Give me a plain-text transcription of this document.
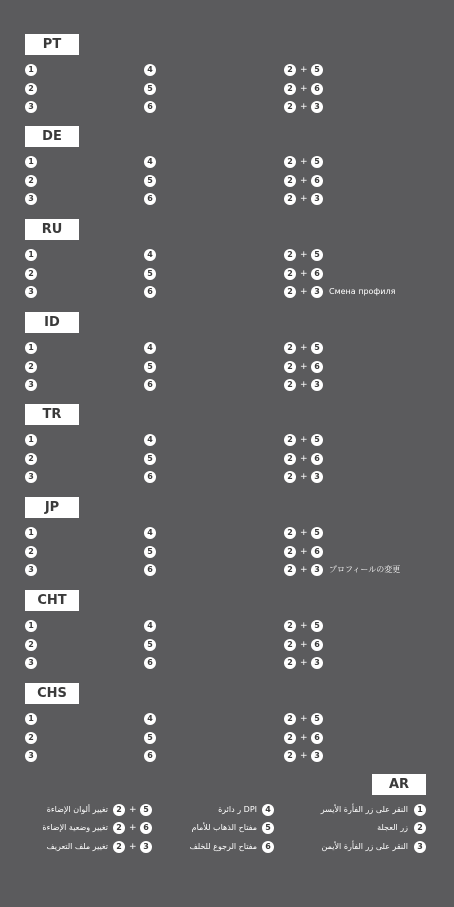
PT
1
2
3
4
5
6
2 + 5
2 + 6
2 + 3
DE
1
2
3
4
5
6
2 + 5
2 + 6
2 + 3
RU
1
2
3
4
5
6
2 + 5
2 + 6
2 + 3	Смена профиля
ID
1
2
3
4
5
6
2 + 5
2 + 6
2 + 3
TR
1
2
3
4
5
6
2 + 5
2 + 6
2 + 3
JP
1
2
3
4
5
6
2 + 5
2 + 6
2 + 3	プロフィールの変更
CHT
1
2
3
4
5
6
2 + 5
2 + 6
2 + 3
CHS
1
2
3
4
5
6
2 + 5
2 + 6
2 + 3
AR
1
النقر على زر الفأرة الأيسر
2
زر العجلة
3
النقر على زر الفأرة الأيمن
4
DPI ر دائرة
5
مفتاح الذهاب للأمام
6
مفتاح الرجوع للخلف
5
+
2
تغيير ألوان الإضاءة
6
+
2
تغيير وضعية الإضاءة
3
+
2
تغيير ملف التعريف
